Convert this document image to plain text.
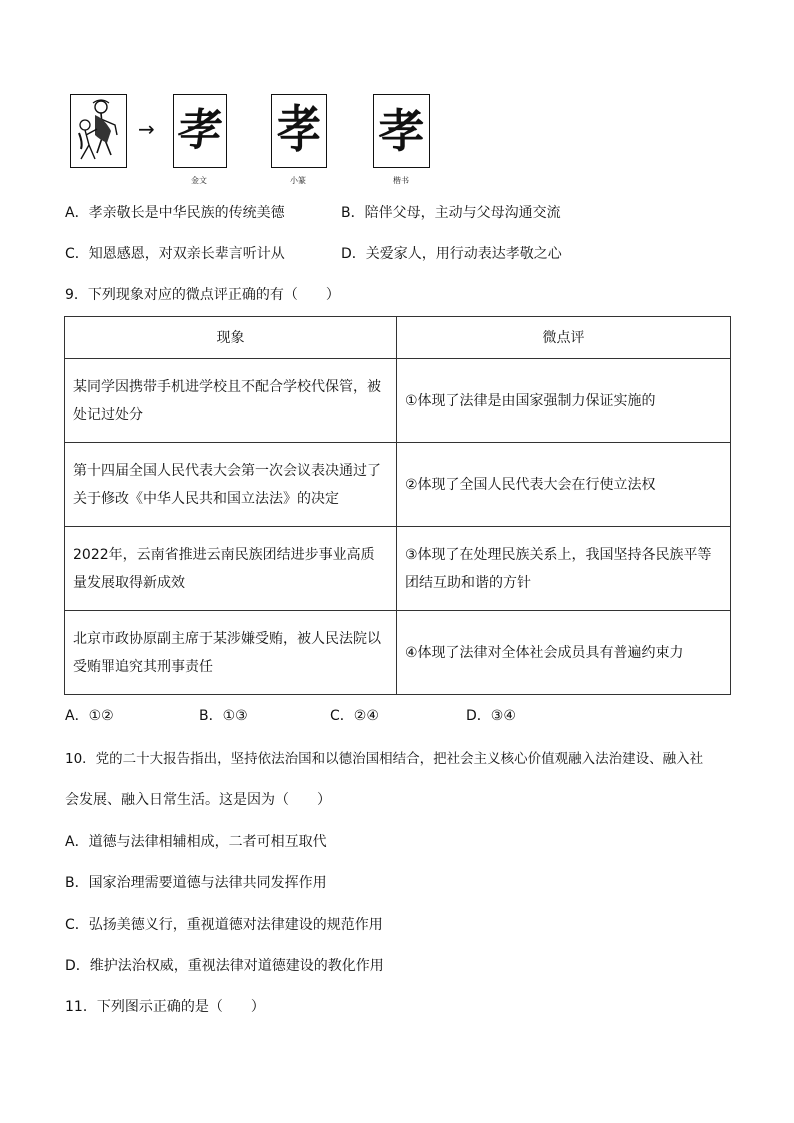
→ 孝
金文
孝
小篆
孝
楷书
A．孝亲敬长是中华民族的传统美德	B．陪伴父母，主动与父母沟通交流
C．知恩感恩，对双亲长辈言听计从	D．关爱家人，用行动表达孝敬之心
9．下列现象对应的微点评正确的有（　　）
现象	微点评
某同学因携带手机进学校且不配合学校代保管，被处记过处分	①体现了法律是由国家强制力保证实施的
第十四届全国人民代表大会第一次会议表决通过了关于修改《中华人民共和国立法法》的决定	②体现了全国人民代表大会在行使立法权
2022年，云南省推进云南民族团结进步事业高质量发展取得新成效	③体现了在处理民族关系上，我国坚持各民族平等团结互助和谐的方针
北京市政协原副主席于某涉嫌受贿，被人民法院以受贿罪追究其刑事责任	④体现了法律对全体社会成员具有普遍约束力
A．①②	B．①③	C．②④	D．③④
10．党的二十大报告指出，坚持依法治国和以德治国相结合，把社会主义核心价值观融入法治建设、融入社
会发展、融入日常生活。这是因为（　　）
A．道德与法律相辅相成，二者可相互取代
B．国家治理需要道德与法律共同发挥作用
C．弘扬美德义行，重视道德对法律建设的规范作用
D．维护法治权威，重视法律对道德建设的教化作用
11．下列图示正确的是（　　）
